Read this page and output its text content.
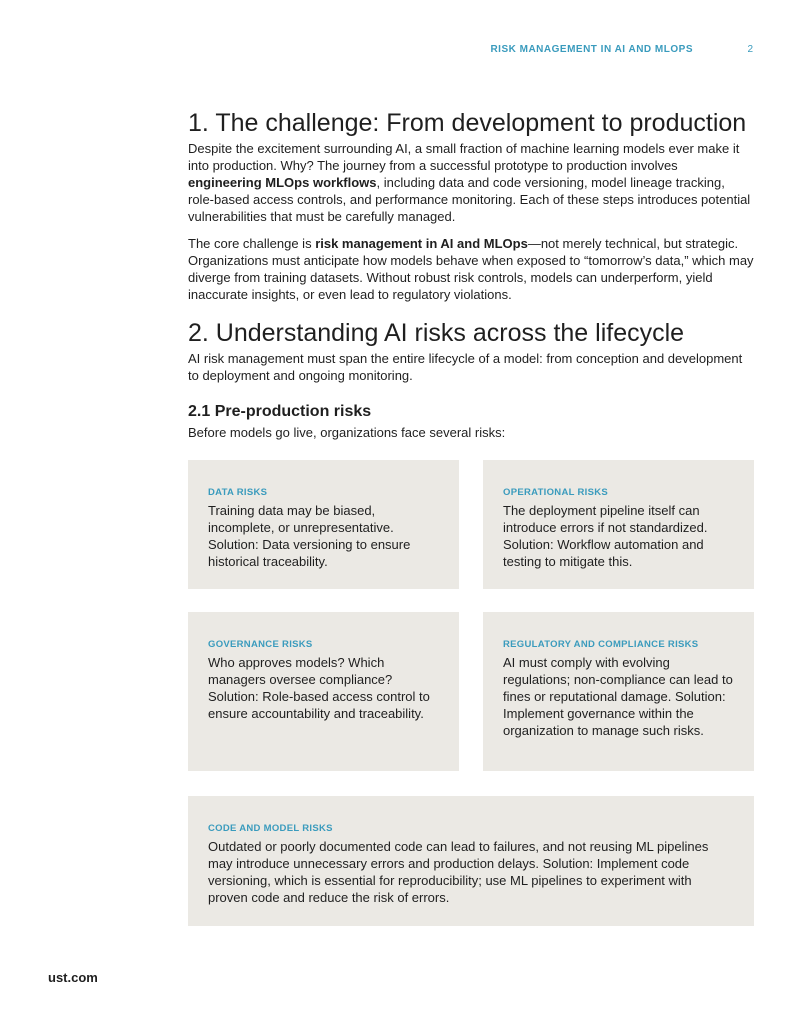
RISK MANAGEMENT IN AI AND MLOPS	2
1. The challenge: From development to production

Despite the excitement surrounding AI, a small fraction of machine learning models ever make it into production. Why? The journey from a successful prototype to production involves engineering MLOps workflows, including data and code versioning, model lineage tracking, role-based access controls, and performance monitoring. Each of these steps introduces potential vulnerabilities that must be carefully managed.

The core challenge is risk management in AI and MLOps—not merely technical, but strategic. Organizations must anticipate how models behave when exposed to “tomorrow’s data,” which may diverge from training datasets. Without robust risk controls, models can underperform, yield inaccurate insights, or even lead to regulatory violations.

2. Understanding AI risks across the lifecycle

AI risk management must span the entire lifecycle of a model: from conception and development to deployment and ongoing monitoring.

2.1 Pre-production risks

Before models go live, organizations face several risks:

DATA RISKS
Training data may be biased, incomplete, or unrepresentative. Solution: Data versioning to ensure historical traceability.
OPERATIONAL RISKS
The deployment pipeline itself can introduce errors if not standardized. Solution: Workflow automation and testing to mitigate this.
GOVERNANCE RISKS
Who approves models? Which managers oversee compliance? Solution: Role-based access control to ensure accountability and traceability.
REGULATORY AND COMPLIANCE RISKS
AI must comply with evolving regulations; non-compliance can lead to fines or reputational damage. Solution: Implement governance within the organization to manage such risks.
CODE AND MODEL RISKS
Outdated or poorly documented code can lead to failures, and not reusing ML pipelines may introduce unnecessary errors and production delays. Solution: Implement code versioning, which is essential for reproducibility; use ML pipelines to experiment with proven code and reduce the risk of errors.
ust.com
